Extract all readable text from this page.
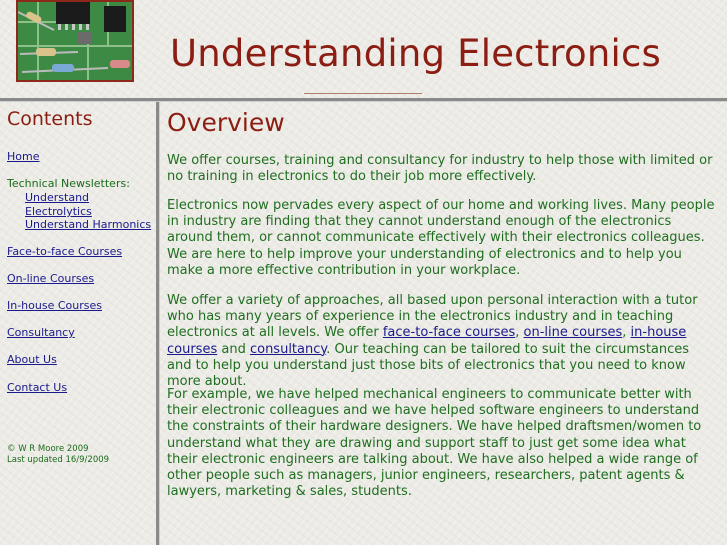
Understanding Electronics
Contents
Home
Technical Newsletters:
Understand
Electrolytics
Understand Harmonics
Face-to-face Courses
On-line Courses
In-house Courses
Consultancy
About Us
Contact Us
© W R Moore 2009
Last updated 16/9/2009
Overview

We offer courses, training and consultancy for industry to help those with limited or no training in electronics to do their job more effectively.

Electronics now pervades every aspect of our home and working lives. Many people in industry are finding that they cannot understand enough of the electronics around them, or cannot communicate effectively with their electronics colleagues. We are here to help improve your understanding of electronics and to help you make a more effective contribution in your workplace.

We offer a variety of approaches, all based upon personal interaction with a tutor who has many years of experience in the electronics industry and in teaching electronics at all levels. We offer face-to-face courses, on-line courses, in-house courses and consultancy. Our teaching can be tailored to suit the circumstances and to help you understand just those bits of electronics that you need to know more about.

For example, we have helped mechanical engineers to communicate better with their electronic colleagues and we have helped software engineers to understand the constraints of their hardware designers. We have helped draftsmen/women to understand what they are drawing and support staff to just get some idea what their electronic engineers are talking about. We have also helped a wide range of other people such as managers, junior engineers, researchers, patent agents & lawyers, marketing & sales, students.
